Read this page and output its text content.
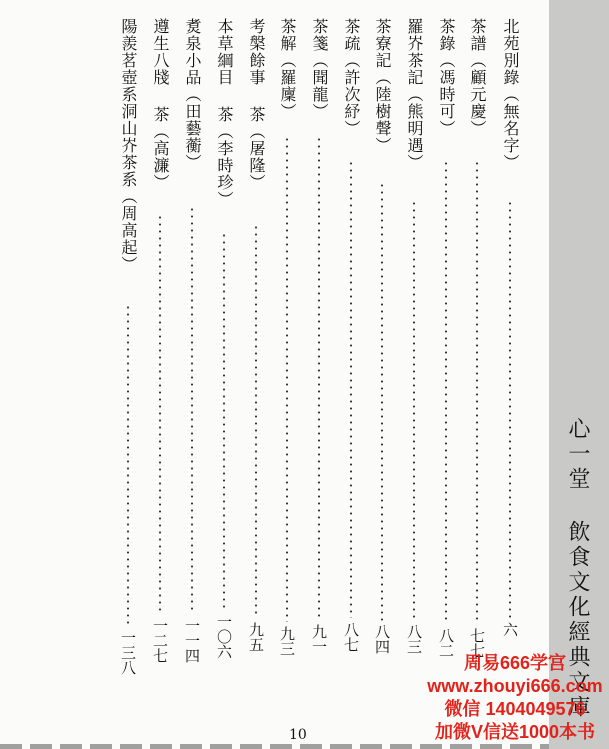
北苑別錄（無名字）
六
茶譜（顧元慶）
七七
茶錄（馮時可）
八二
羅岕茶記（熊明遇）
八三
茶寮記（陸樹聲）
八四
茶疏（許次紓）
八七
茶箋（聞龍）
九一
茶解（羅廩）
九三
考槃餘事 茶（屠隆）
九五
本草綱目 茶（李時珍）
一〇六
煑泉小品（田藝蘅）
一一四
遵生八牋 茶（高濂）
一二七
陽羨茗壺系洞山岕茶系（周高起）
一三八
10
心一堂 飲食文化經典文庫
周易666学宫
www.zhouyi666.com
微信 1404049576
加微V信送1000本书
